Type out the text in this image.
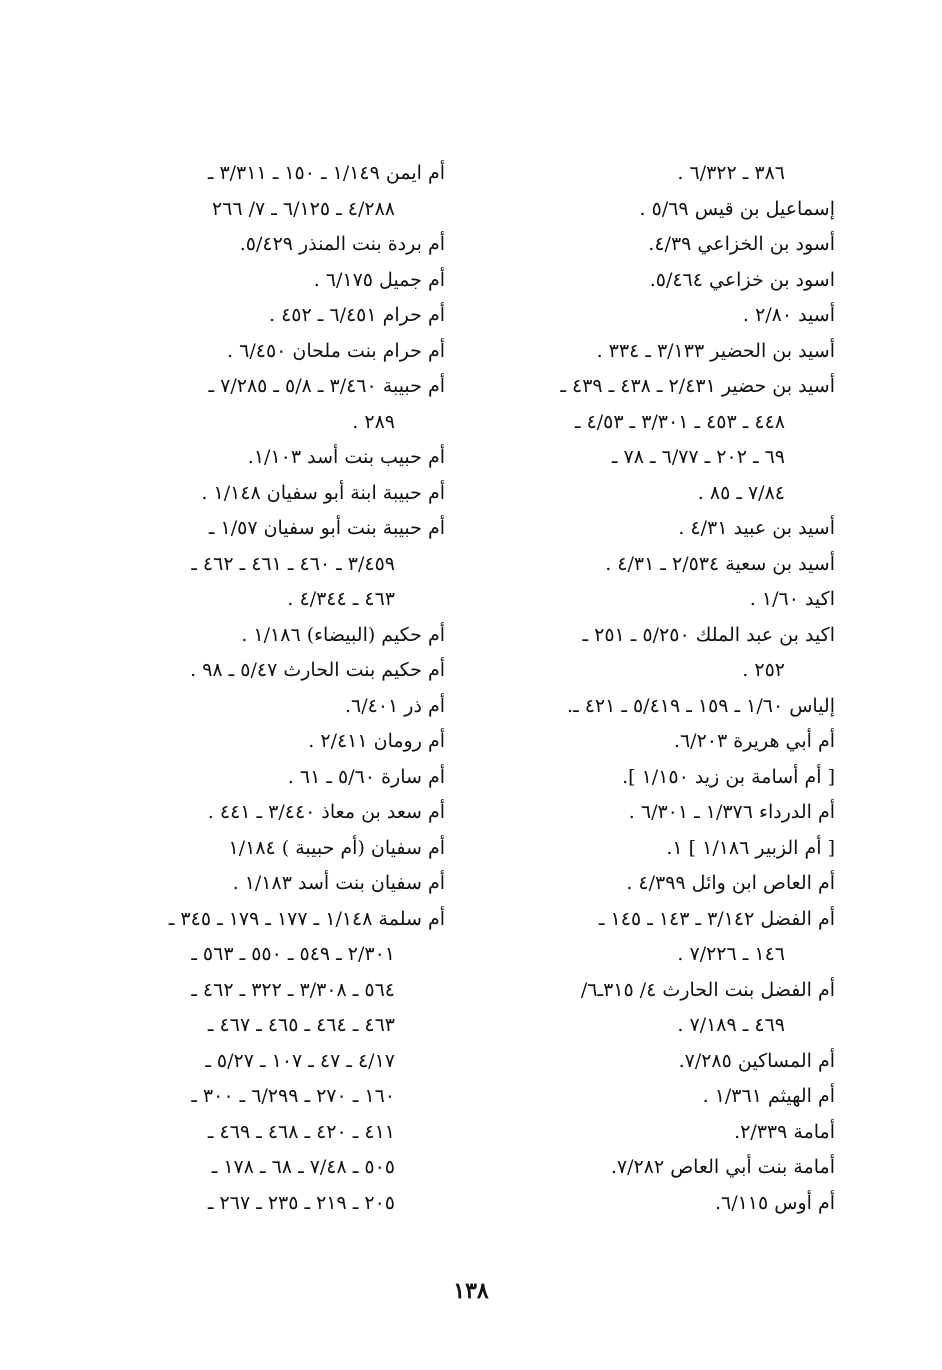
٣٨٦ ـ ٦/٣٢٢ .
إسماعيل بن قيس ٥/٦٩ .
أسود بن الخزاعي ٤/٣٩.
اسود بن خزاعي ٥/٤٦٤.
أسيد ٢/٨٠ .
أسيد بن الحضير ٣/١٣٣ ـ ٣٣٤ .
أسيد بن حضير ٢/٤٣١ ـ ٤٣٨ ـ ٤٣٩ ـ
٤٤٨ ـ ٤٥٣ ـ ٣/٣٠١ ـ ٤/٥٣ ـ
٦٩ ـ ٢٠٢ ـ ٦/٧٧ ـ ٧٨ ـ
٧/٨٤ ـ ٨٥ .
أسيد بن عبيد ٤/٣١ .
أسيد بن سعية ٢/٥٣٤ ـ ٤/٣١ .
اكيد ١/٦٠ .
اكيد بن عبد الملك ٥/٢٥٠ ـ ٢٥١ ـ
٢٥٢ .
إلياس ١/٦٠ ـ ١٥٩ ـ ٥/٤١٩ ـ ٤٢١ ـ.
أم أبي هريرة ٦/٢٠٣.
[ أم أسامة بن زيد ١/١٥٠ ].
أم الدرداء ١/٣٧٦ ـ ٦/٣٠١ .
[ أم الزبير ١/١٨٦ ] ١.
أم العاص ابن وائل ٤/٣٩٩ .
أم الفضل ٣/١٤٢ ـ ١٤٣ ـ ١٤٥ ـ
١٤٦ ـ ٧/٢٢٦ .
أم الفضل بنت الحارث ٤/ ٣١٥ـ٦/
٤٦٩ ـ ٧/١٨٩ .
أم المساكين ٧/٢٨٥.
أم الهيثم ١/٣٦١ .
أمامة ٢/٣٣٩.
أمامة بنت أبي العاص ٧/٢٨٢.
أم أوس ٦/١١٥.
أم ايمن ١/١٤٩ ـ ١٥٠ ـ ٣/٣١١ ـ
٤/٢٨٨ ـ ٦/١٢٥ ـ ٧/ ٢٦٦
أم بردة بنت المنذر ٥/٤٢٩.
أم جميل ٦/١٧٥ .
أم حرام ٦/٤٥١ ـ ٤٥٢ .
أم حرام بنت ملحان ٦/٤٥٠ .
أم حبيبة ٣/٤٦٠ ـ ٥/٨ ـ ٧/٢٨٥ ـ
٢٨٩ .
أم حبيب بنت أسد ١/١٠٣.
أم حبيبة ابنة أبو سفيان ١/١٤٨ .
أم حبيبة بنت أبو سفيان ١/٥٧ ـ
٣/٤٥٩ ـ ٤٦٠ ـ ٤٦١ ـ ٤٦٢ ـ
٤٦٣ ـ ٤/٣٤٤ .
أم حكيم (البيضاء) ١/١٨٦ .
أم حكيم بنت الحارث ٥/٤٧ ـ ٩٨ .
أم ذر ٦/٤٠١.
أم رومان ٢/٤١١ .
أم سارة ٥/٦٠ ـ ٦١ .
أم سعد بن معاذ ٣/٤٤٠ ـ ٤٤١ .
أم سفيان (أم حبيبة ) ١/١٨٤
أم سفيان بنت أسد ١/١٨٣ .
أم سلمة ١/١٤٨ ـ ١٧٧ ـ ١٧٩ ـ ٣٤٥ ـ
٢/٣٠١ ـ ٥٤٩ ـ ٥٥٠ ـ ٥٦٣ ـ
٥٦٤ ـ ٣/٣٠٨ ـ ٣٢٢ ـ ٤٦٢ ـ
٤٦٣ ـ ٤٦٤ ـ ٤٦٥ ـ ٤٦٧ ـ
٤/١٧ ـ ٤٧ ـ ١٠٧ ـ ٥/٢٧ ـ
١٦٠ ـ ٢٧٠ ـ ٦/٢٩٩ ـ ٣٠٠ ـ
٤١١ ـ ٤٢٠ ـ ٤٦٨ ـ ٤٦٩ ـ
٥٠٥ ـ ٧/٤٨ ـ ٦٨ ـ ١٧٨ ـ
٢٠٥ ـ ٢١٩ ـ ٢٣٥ ـ ٢٦٧ ـ
١٣٨
